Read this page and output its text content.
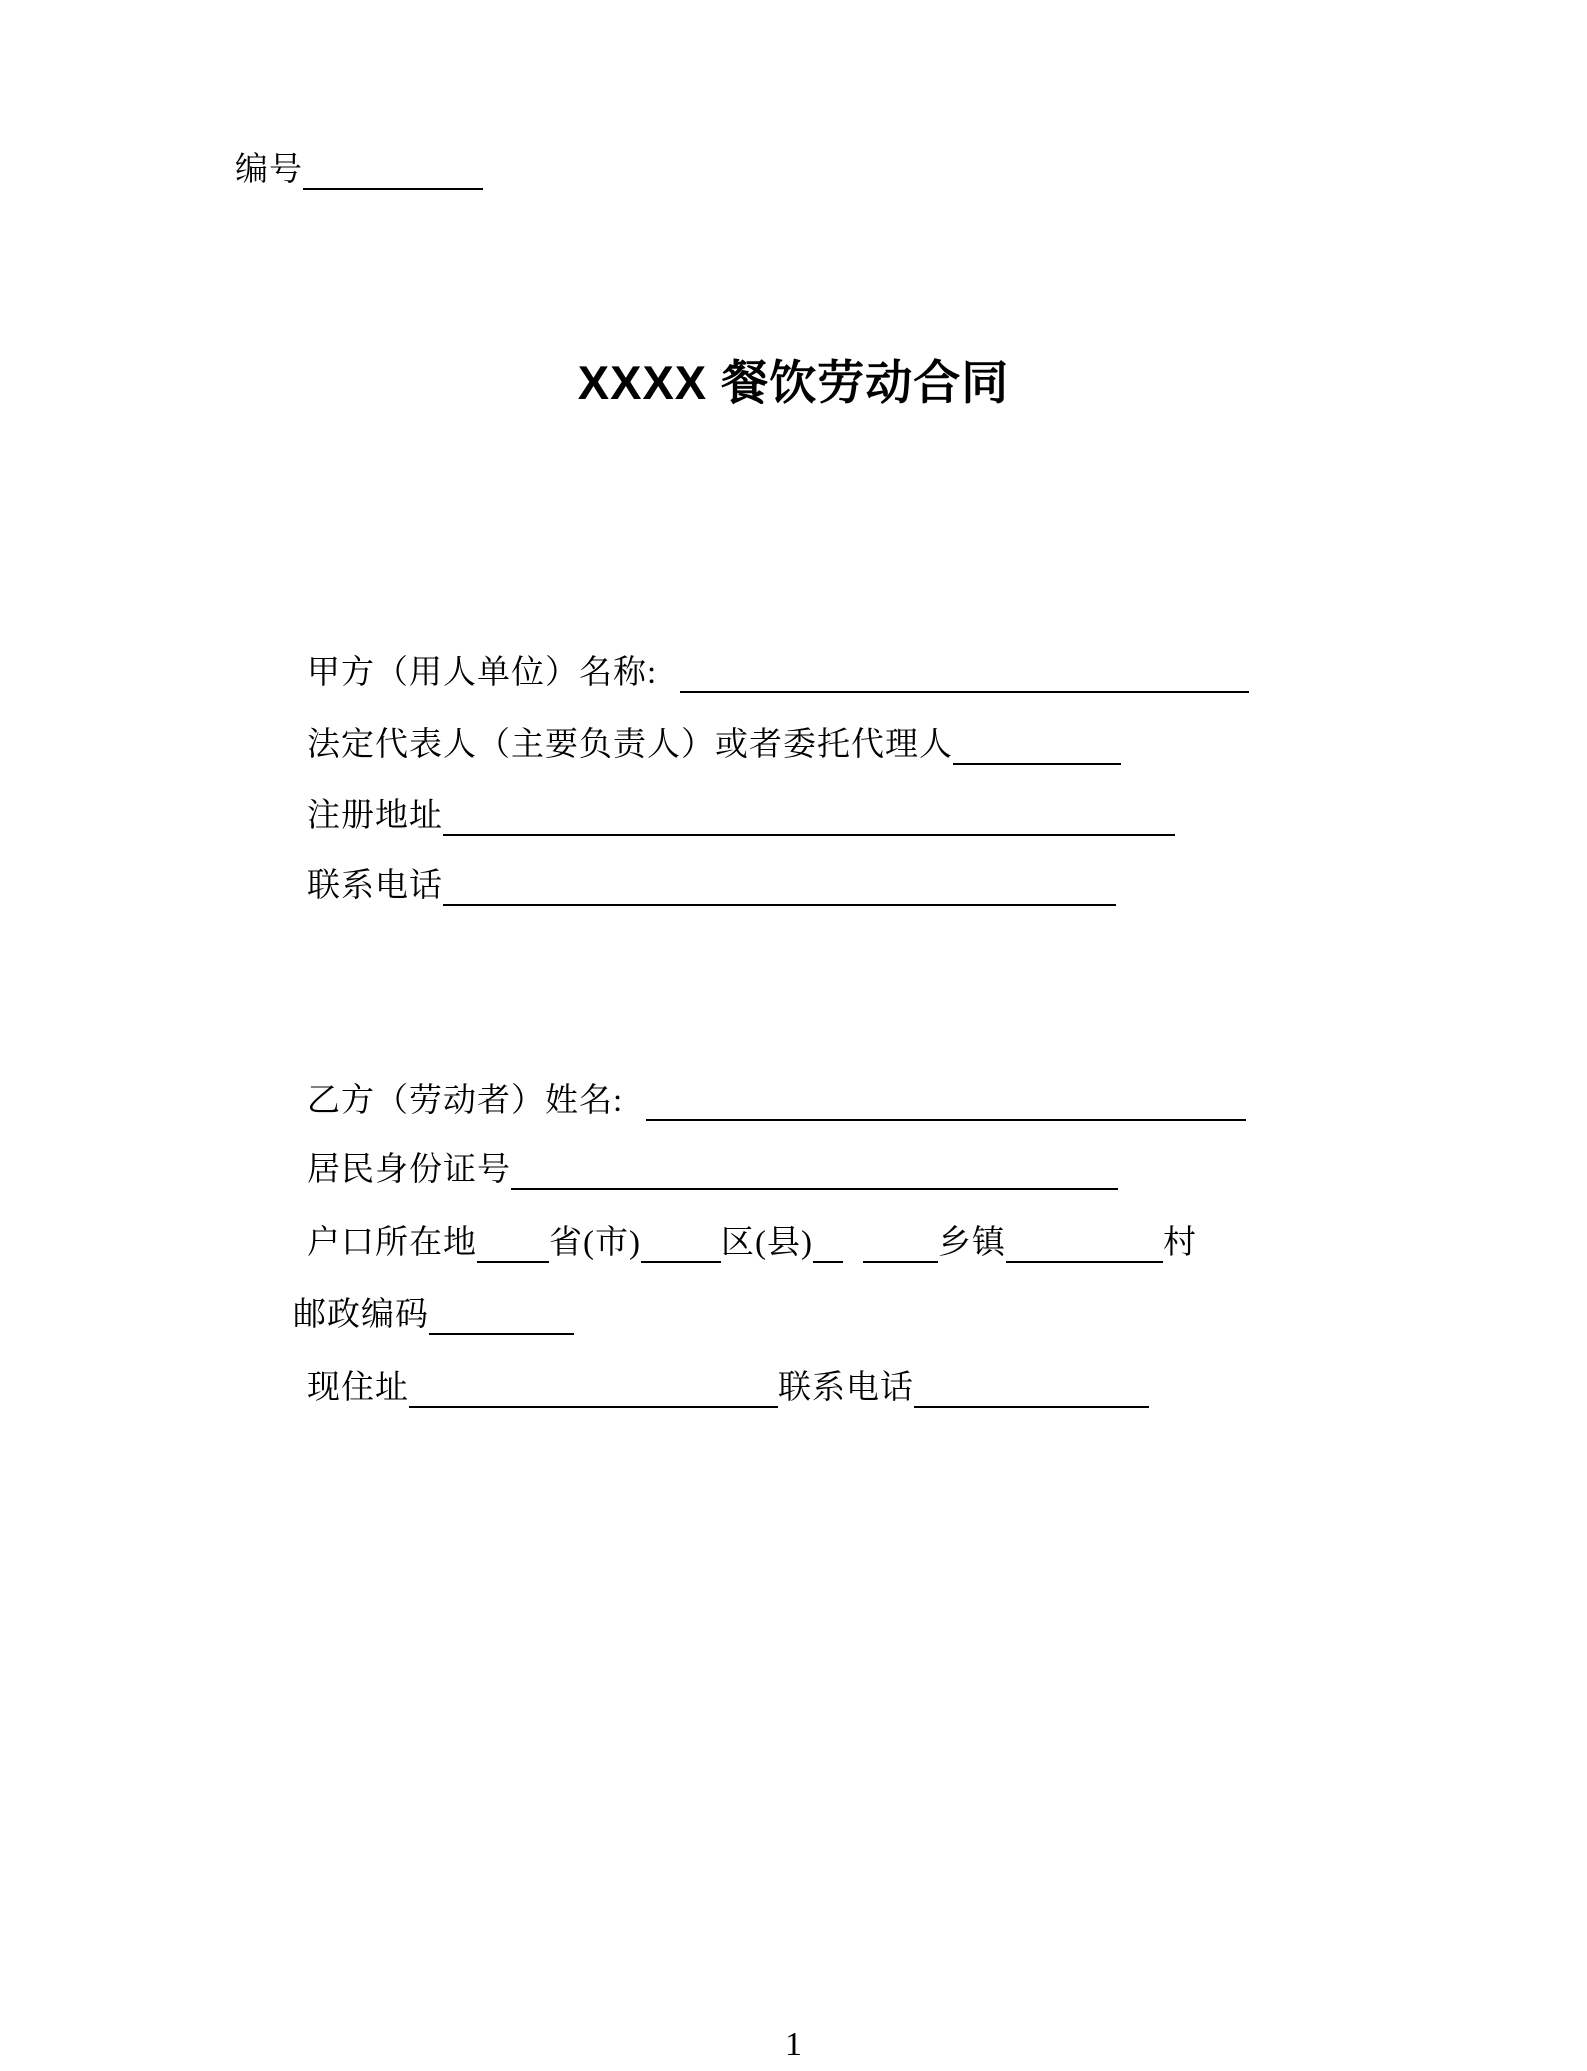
编号
XXXX 餐饮劳动合同
甲方（用人单位）名称:
法定代表人（主要负责人）或者委托代理人
注册地址
联系电话
乙方（劳动者）姓名:
居民身份证号
户口所在地 省(市) 区(县)	乡镇	村
邮政编码
现住址	联系电话
1
